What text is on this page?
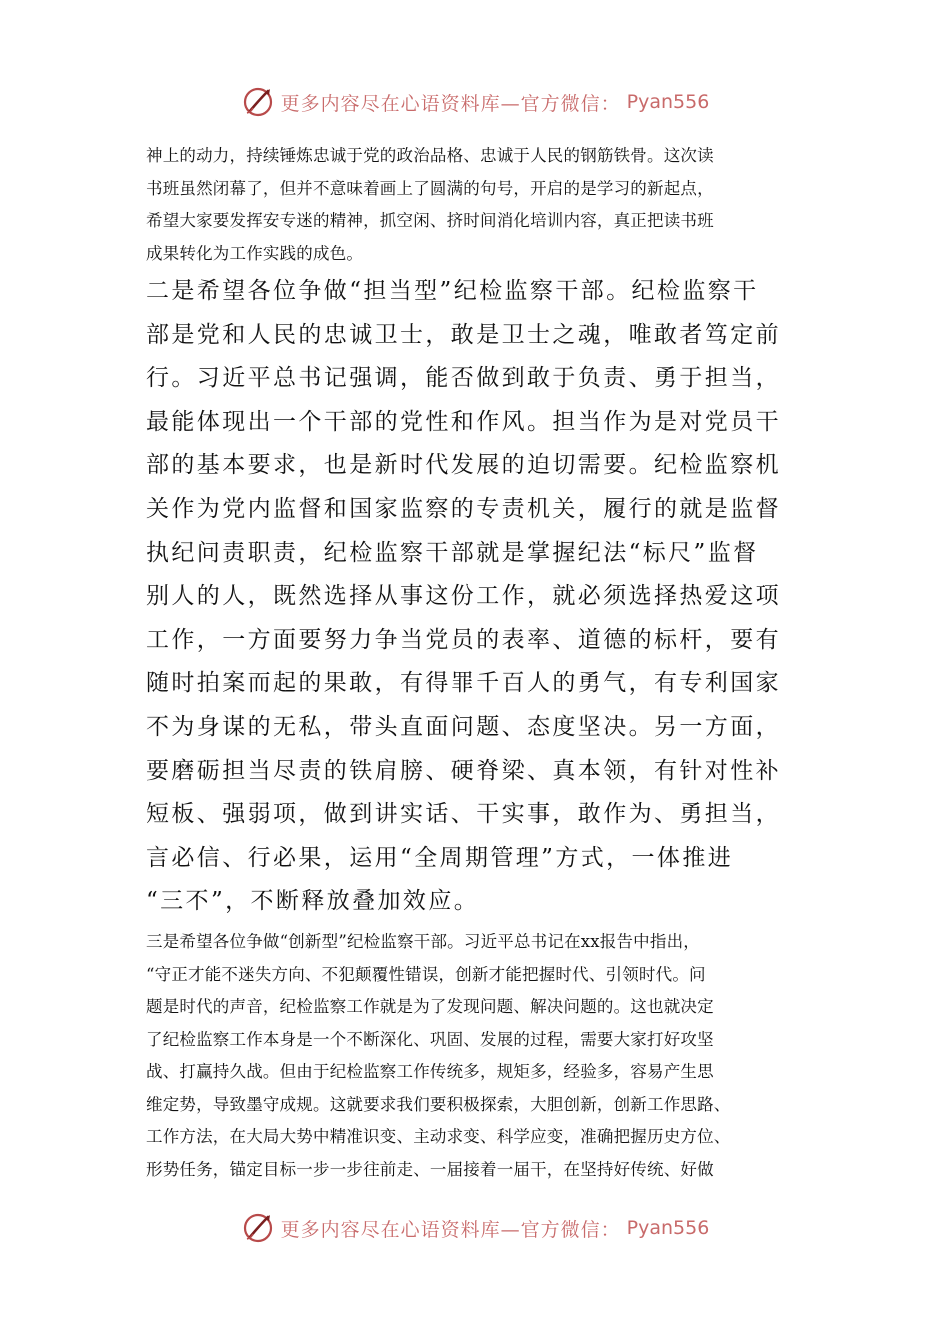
更多内容尽在心语资料库—官方微信： Pyan556
神上的动力，持续锤炼忠诚于党的政治品格、忠诚于人民的钢筋铁骨。这次读
书班虽然闭幕了，但并不意味着画上了圆满的句号，开启的是学习的新起点，
希望大家要发挥安专迷的精神，抓空闲、挤时间消化培训内容，真正把读书班
成果转化为工作实践的成色。
二是希望各位争做“担当型”纪检监察干部。纪检监察干
部是党和人民的忠诚卫士，敢是卫士之魂，唯敢者笃定前
行。习近平总书记强调，能否做到敢于负责、勇于担当，
最能体现出一个干部的党性和作风。担当作为是对党员干
部的基本要求，也是新时代发展的迫切需要。纪检监察机
关作为党内监督和国家监察的专责机关，履行的就是监督
执纪问责职责，纪检监察干部就是掌握纪法“标尺”监督
别人的人，既然选择从事这份工作，就必须选择热爱这项
工作，一方面要努力争当党员的表率、道德的标杆，要有
随时拍案而起的果敢，有得罪千百人的勇气，有专利国家
不为身谋的无私，带头直面问题、态度坚决。另一方面，
要磨砺担当尽责的铁肩膀、硬脊梁、真本领，有针对性补
短板、强弱项，做到讲实话、干实事，敢作为、勇担当，
言必信、行必果，运用“全周期管理”方式，一体推进
“三不”，不断释放叠加效应。
三是希望各位争做“创新型”纪检监察干部。习近平总书记在xx报告中指出，
“守正才能不迷失方向、不犯颠覆性错误，创新才能把握时代、引领时代。问
题是时代的声音，纪检监察工作就是为了发现问题、解决问题的。这也就决定
了纪检监察工作本身是一个不断深化、巩固、发展的过程，需要大家打好攻坚
战、打赢持久战。但由于纪检监察工作传统多，规矩多，经验多，容易产生思
维定势，导致墨守成规。这就要求我们要积极探索，大胆创新，创新工作思路、
工作方法，在大局大势中精准识变、主动求变、科学应变，准确把握历史方位、
形势任务，锚定目标一步一步往前走、一届接着一届干，在坚持好传统、好做
更多内容尽在心语资料库—官方微信： Pyan556
